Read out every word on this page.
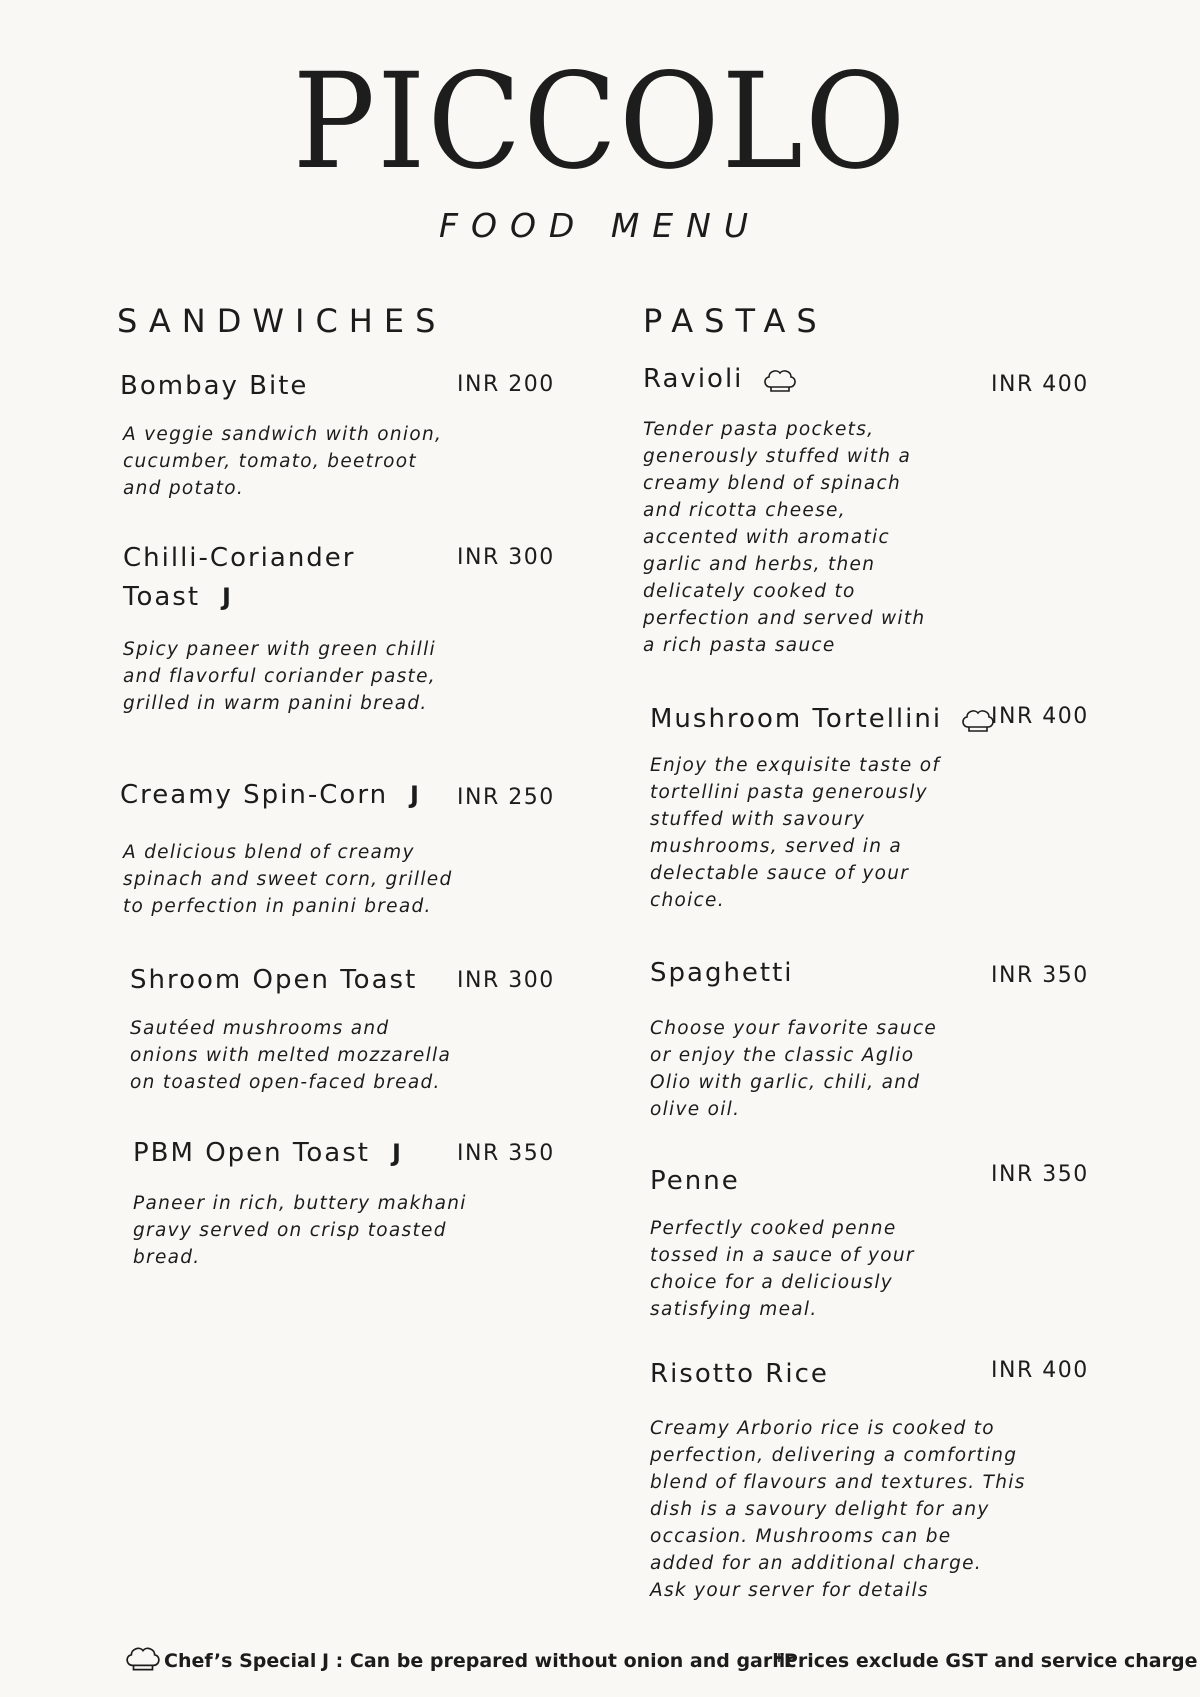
PICCOLO
FOOD MENU
SANDWICHES	PASTAS
Bombay Bite	INR 200
A veggie sandwich with onion,
cucumber, tomato, beetroot
and potato.
Chilli-Coriander
Toast J
INR 300
Spicy paneer with green chilli
and flavorful coriander paste,
grilled in warm panini bread.
Creamy Spin-Corn J INR 250
A delicious blend of creamy
spinach and sweet corn, grilled
to perfection in panini bread.
Shroom Open Toast INR 300
Sautéed mushrooms and
onions with melted mozzarella
on toasted open-faced bread.
PBM Open Toast J INR 350
Paneer in rich, buttery makhani
gravy served on crisp toasted
bread.
Ravioli	INR 400
Tender pasta pockets,
generously stuffed with a
creamy blend of spinach
and ricotta cheese,
accented with aromatic
garlic and herbs, then
delicately cooked to
perfection and served with
a rich pasta sauce
Mushroom Tortellini	INR 400
Enjoy the exquisite taste of
tortellini pasta generously
stuffed with savoury
mushrooms, served in a
delectable sauce of your
choice.
Spaghetti	INR 350
Choose your favorite sauce
or enjoy the classic Aglio
Olio with garlic, chili, and
olive oil.
Penne	INR 350
Perfectly cooked penne
tossed in a sauce of your
choice for a deliciously
satisfying meal.
Risotto Rice	INR 400
Creamy Arborio rice is cooked to
perfection, delivering a comforting
blend of flavours and textures. This
dish is a savoury delight for any
occasion. Mushrooms can be
added for an additional charge.
Ask your server for details
Chef’s Special J : Can be prepared without onion and garlic
*Prices exclude GST and service charge
